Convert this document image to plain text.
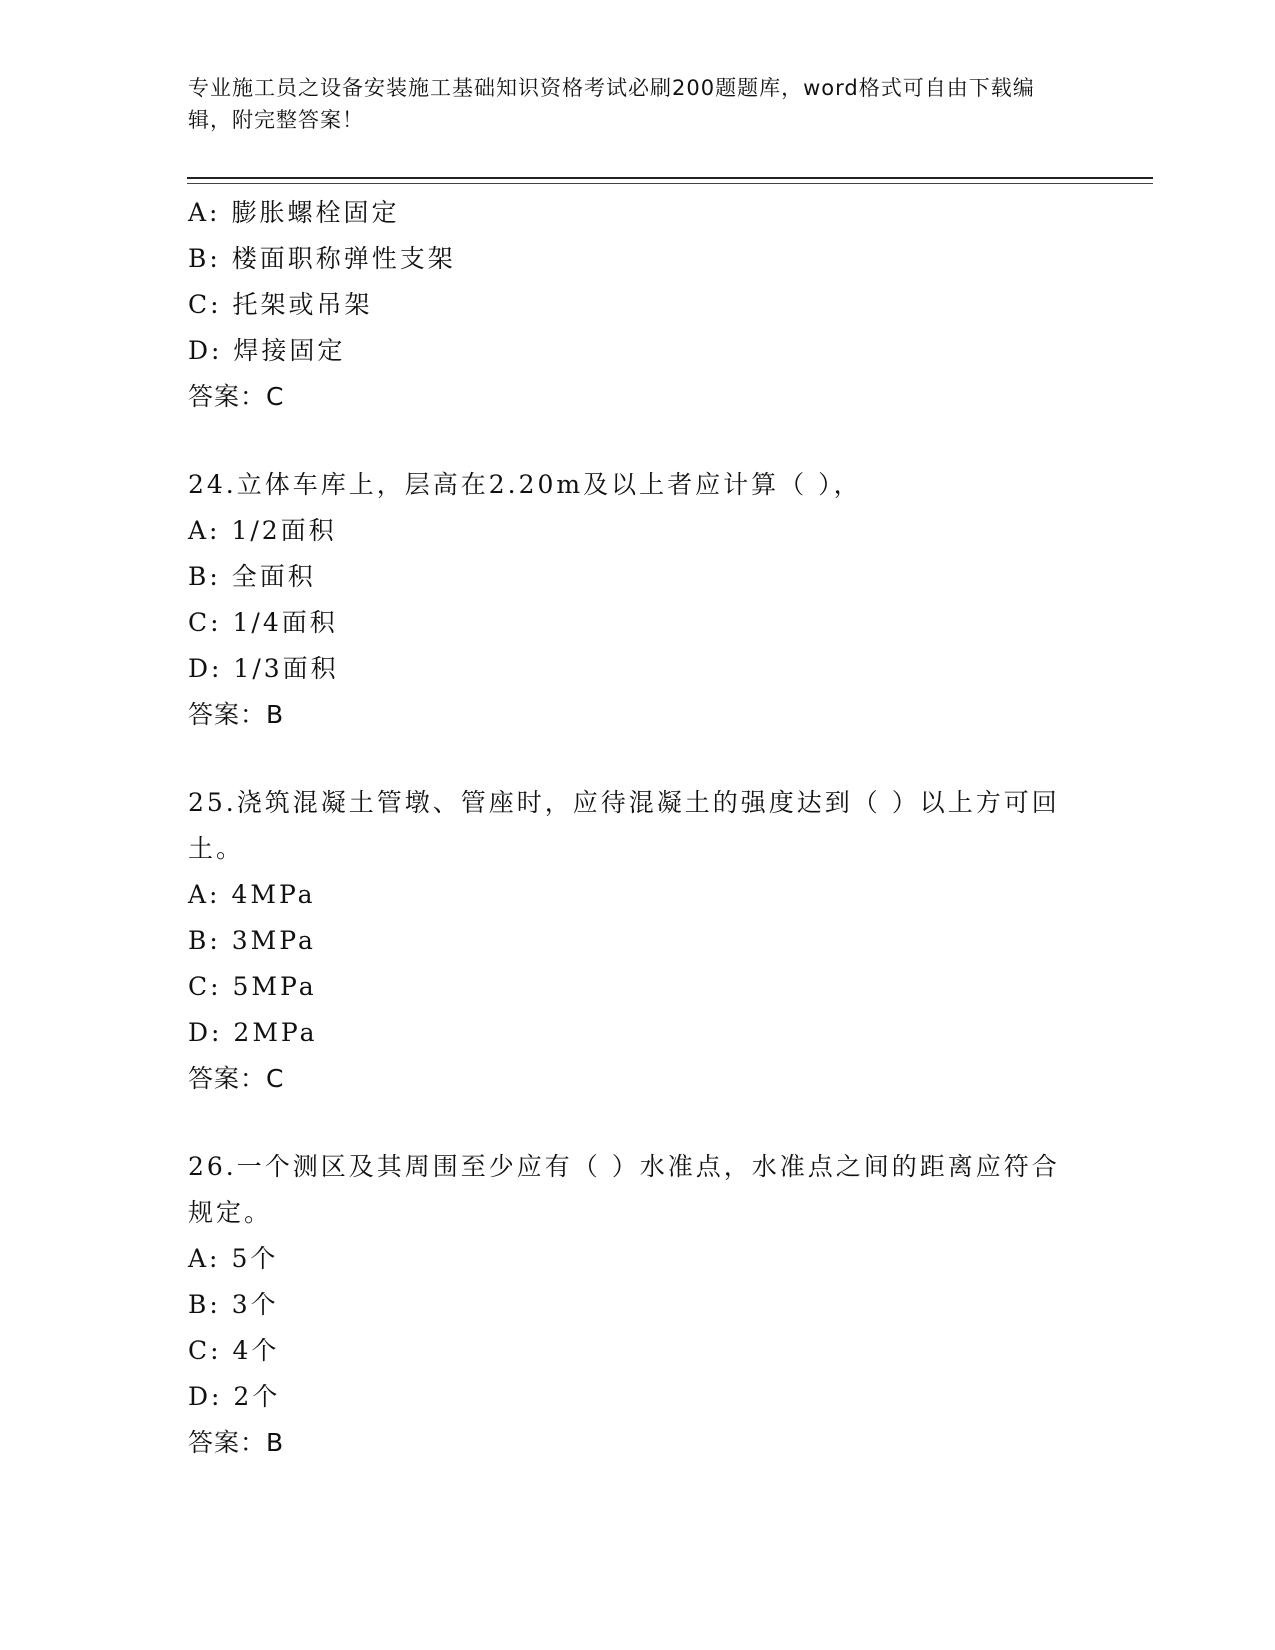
专业施工员之设备安装施工基础知识资格考试必刷200题题库，word格式可自由下载编辑，附完整答案！
A: 膨胀螺栓固定
B: 楼面职称弹性支架
C: 托架或吊架
D: 焊接固定
答案：C
24.立体车库上，层高在2.20m及以上者应计算（ ），
A: 1/2面积
B: 全面积
C: 1/4面积
D: 1/3面积
答案：B
25.浇筑混凝土管墩、管座时，应待混凝土的强度达到（ ）以上方可回土。
A: 4MPa
B: 3MPa
C: 5MPa
D: 2MPa
答案：C
26.一个测区及其周围至少应有（ ）水准点，水准点之间的距离应符合规定。
A: 5个
B: 3个
C: 4个
D: 2个
答案：B
